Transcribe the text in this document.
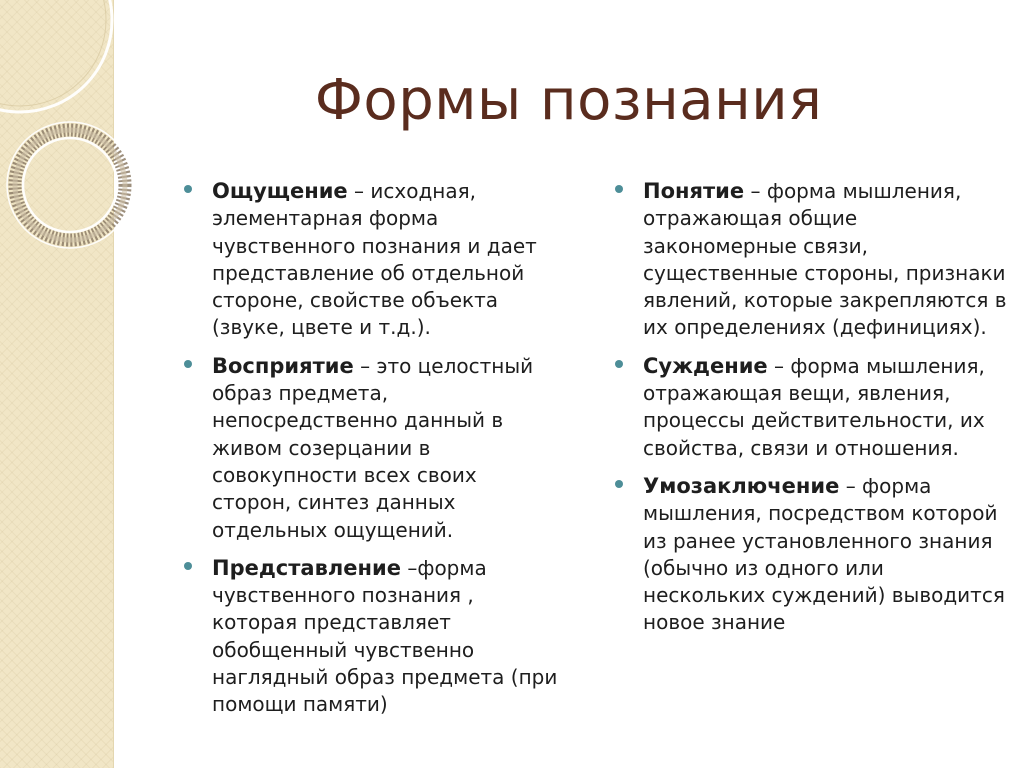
Формы познания
Ощущение – исходная, элементарная форма чувственного познания и дает представление об отдельной стороне, свойстве объекта (звуке, цвете и т.д.).
Восприятие – это целостный образ предмета, непосредственно данный в живом созерцании в совокупности всех своих сторон, синтез данных отдельных ощущений.
Представление –форма чувственного познания , которая представляет обобщенный чувственно наглядный образ предмета (при помощи памяти)
Понятие – форма мышления, отражающая общие закономерные связи, существенные стороны, признаки явлений, которые закрепляются в их определениях (дефинициях).
Суждение – форма мышления, отражающая вещи, явления, процессы действительности, их свойства, связи и отношения.
Умозаключение – форма мышления, посредством которой из ранее установленного знания (обычно из одного или нескольких суждений) выводится новое знание
